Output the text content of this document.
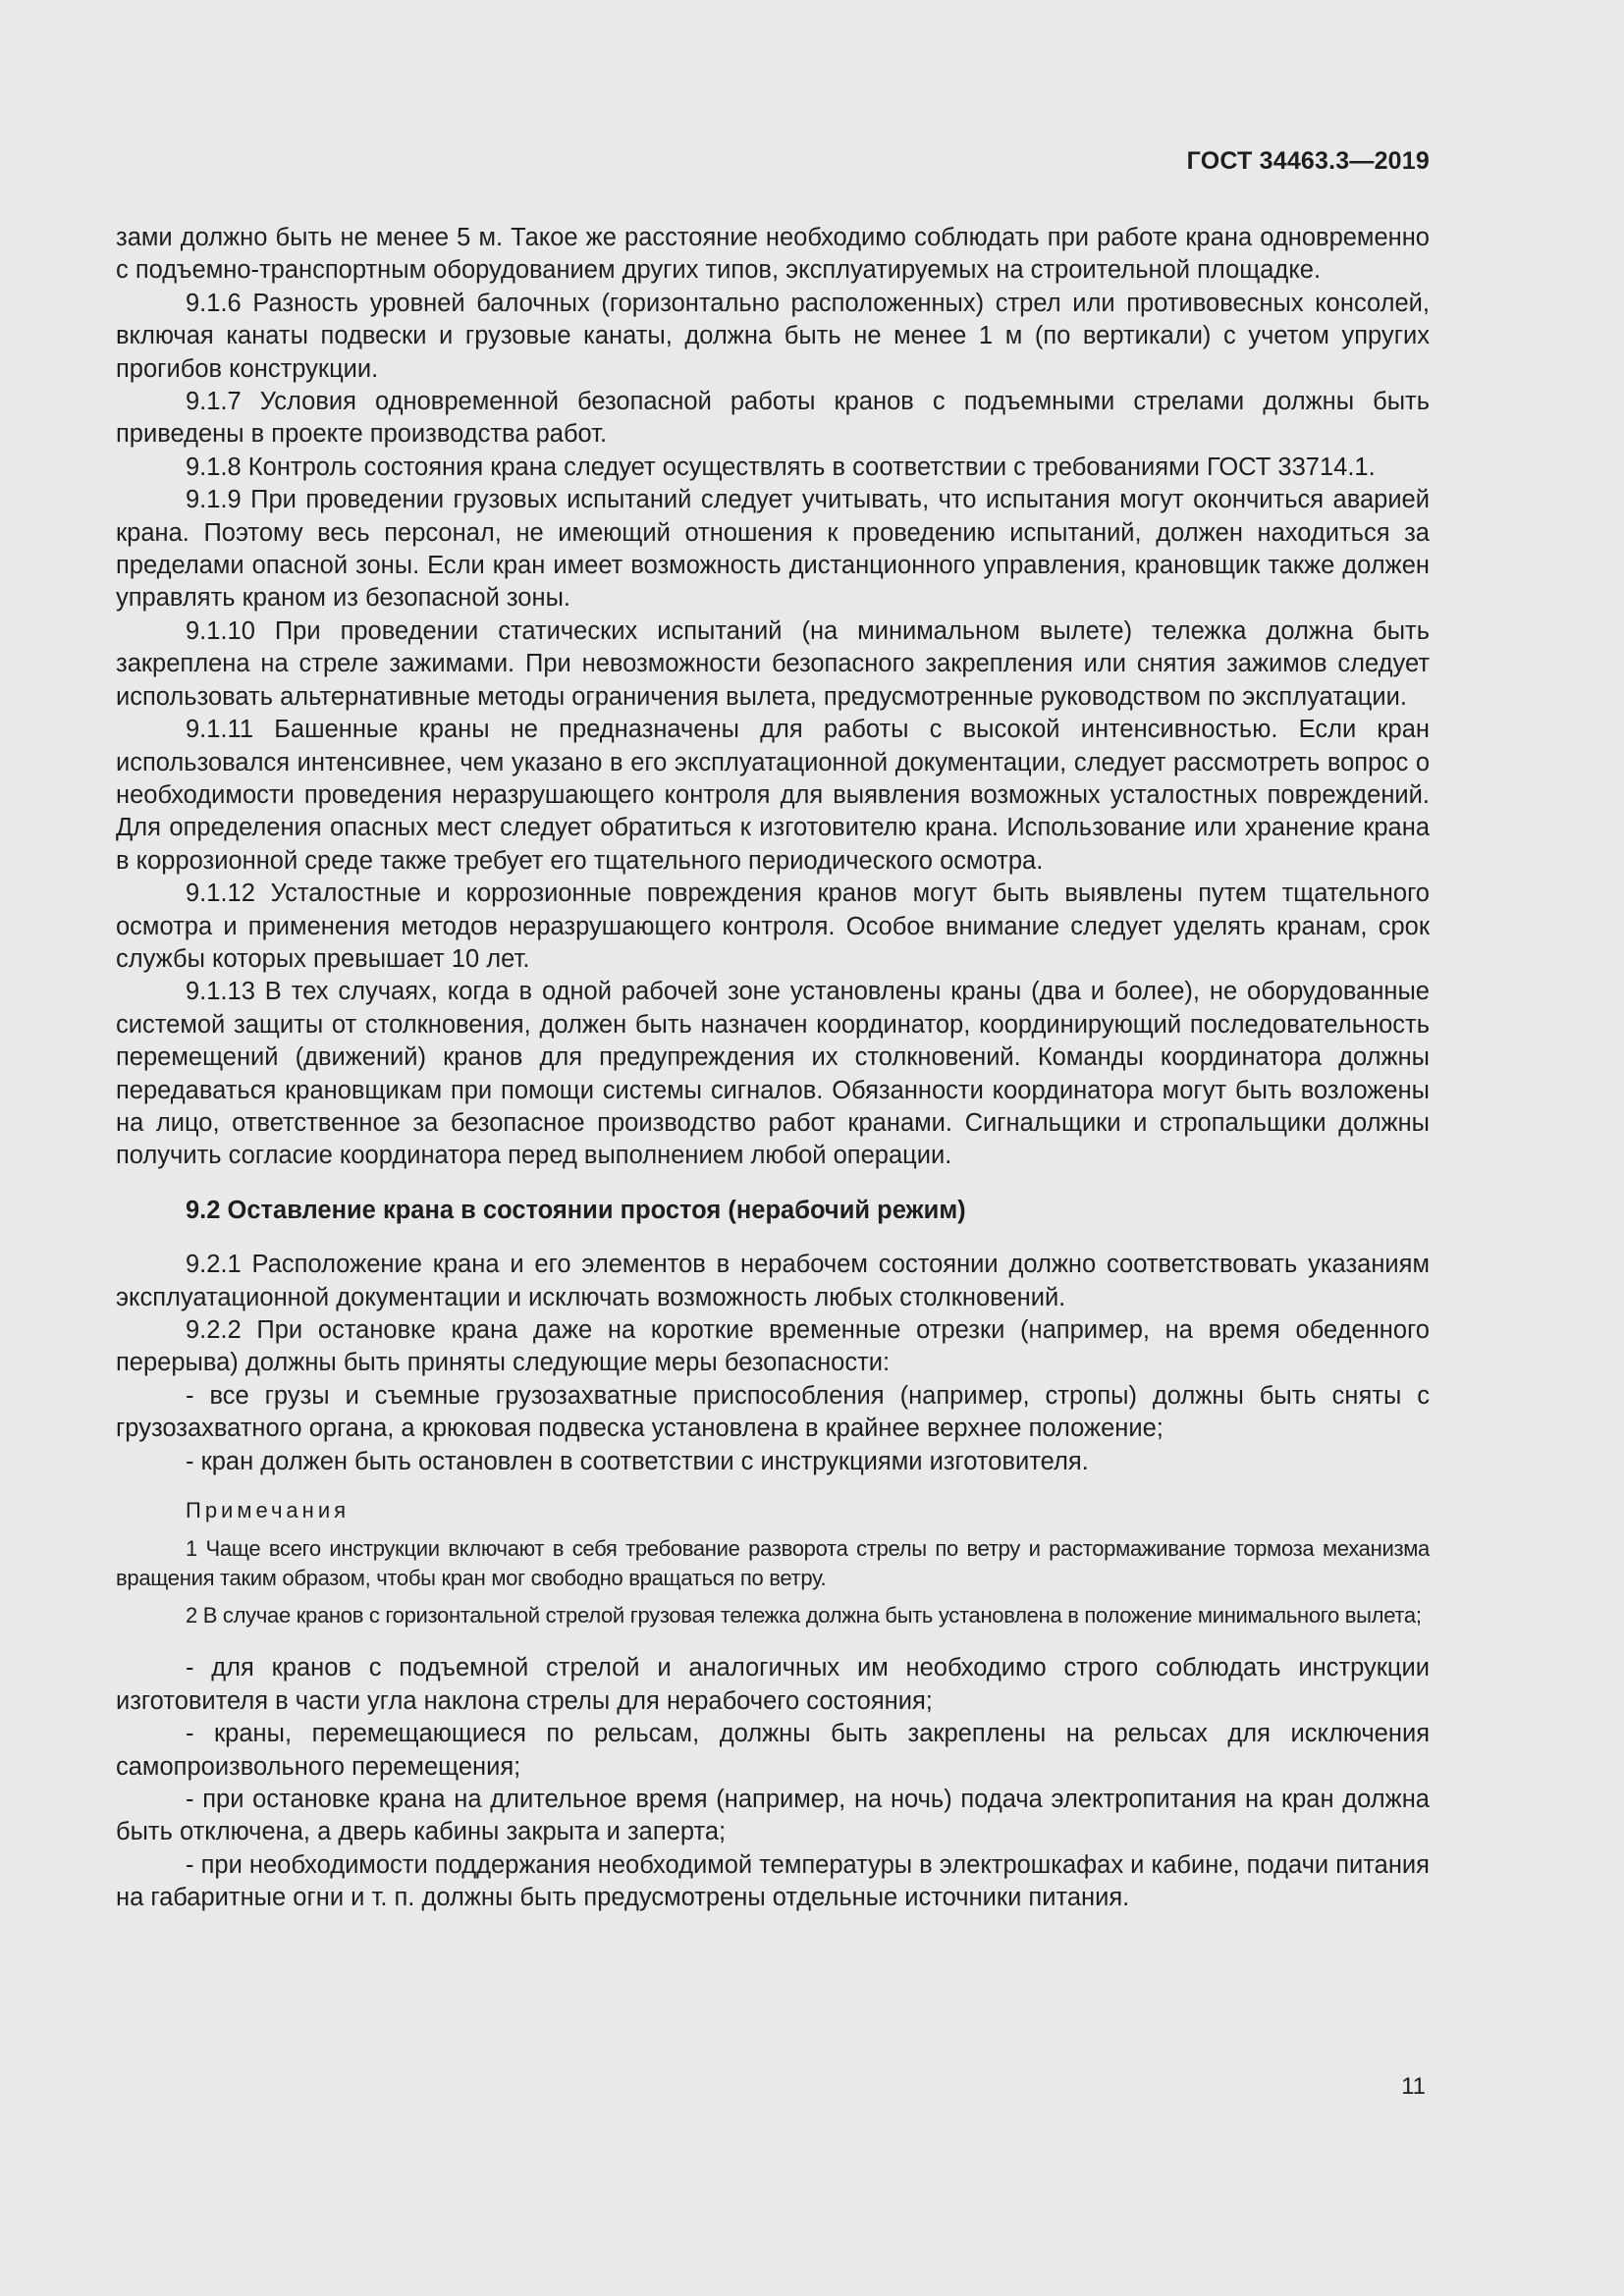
ГОСТ 34463.3—2019

зами должно быть не менее 5 м. Такое же расстояние необходимо соблюдать при работе крана одновременно с подъемно-транспортным оборудованием других типов, эксплуатируемых на строительной площадке.

9.1.6 Разность уровней балочных (горизонтально расположенных) стрел или противовесных консолей, включая канаты подвески и грузовые канаты, должна быть не менее 1 м (по вертикали) с учетом упругих прогибов конструкции.

9.1.7 Условия одновременной безопасной работы кранов с подъемными стрелами должны быть приведены в проекте производства работ.

9.1.8 Контроль состояния крана следует осуществлять в соответствии с требованиями ГОСТ 33714.1.

9.1.9 При проведении грузовых испытаний следует учитывать, что испытания могут окончиться аварией крана. Поэтому весь персонал, не имеющий отношения к проведению испытаний, должен находиться за пределами опасной зоны. Если кран имеет возможность дистанционного управления, крановщик также должен управлять краном из безопасной зоны.

9.1.10 При проведении статических испытаний (на минимальном вылете) тележка должна быть закреплена на стреле зажимами. При невозможности безопасного закрепления или снятия зажимов следует использовать альтернативные методы ограничения вылета, предусмотренные руководством по эксплуатации.

9.1.11 Башенные краны не предназначены для работы с высокой интенсивностью. Если кран использовался интенсивнее, чем указано в его эксплуатационной документации, следует рассмотреть вопрос о необходимости проведения неразрушающего контроля для выявления возможных усталостных повреждений. Для определения опасных мест следует обратиться к изготовителю крана. Использование или хранение крана в коррозионной среде также требует его тщательного периодического осмотра.

9.1.12 Усталостные и коррозионные повреждения кранов могут быть выявлены путем тщательного осмотра и применения методов неразрушающего контроля. Особое внимание следует уделять кранам, срок службы которых превышает 10 лет.

9.1.13 В тех случаях, когда в одной рабочей зоне установлены краны (два и более), не оборудованные системой защиты от столкновения, должен быть назначен координатор, координирующий последовательность перемещений (движений) кранов для предупреждения их столкновений. Команды координатора должны передаваться крановщикам при помощи системы сигналов. Обязанности координатора могут быть возложены на лицо, ответственное за безопасное производство работ кранами. Сигнальщики и стропальщики должны получить согласие координатора перед выполнением любой операции.

9.2 Оставление крана в состоянии простоя (нерабочий режим)

9.2.1 Расположение крана и его элементов в нерабочем состоянии должно соответствовать указаниям эксплуатационной документации и исключать возможность любых столкновений.

9.2.2 При остановке крана даже на короткие временные отрезки (например, на время обеденного перерыва) должны быть приняты следующие меры безопасности:

- все грузы и съемные грузозахватные приспособления (например, стропы) должны быть сняты с грузозахватного органа, а крюковая подвеска установлена в крайнее верхнее положение;

- кран должен быть остановлен в соответствии с инструкциями изготовителя.

Примечания

1 Чаще всего инструкции включают в себя требование разворота стрелы по ветру и растормаживание тормоза механизма вращения таким образом, чтобы кран мог свободно вращаться по ветру.

2 В случае кранов с горизонтальной стрелой грузовая тележка должна быть установлена в положение минимального вылета;

- для кранов с подъемной стрелой и аналогичных им необходимо строго соблюдать инструкции изготовителя в части угла наклона стрелы для нерабочего состояния;

- краны, перемещающиеся по рельсам, должны быть закреплены на рельсах для исключения самопроизвольного перемещения;

- при остановке крана на длительное время (например, на ночь) подача электропитания на кран должна быть отключена, а дверь кабины закрыта и заперта;

- при необходимости поддержания необходимой температуры в электрошкафах и кабине, подачи питания на габаритные огни и т. п. должны быть предусмотрены отдельные источники питания.

11
